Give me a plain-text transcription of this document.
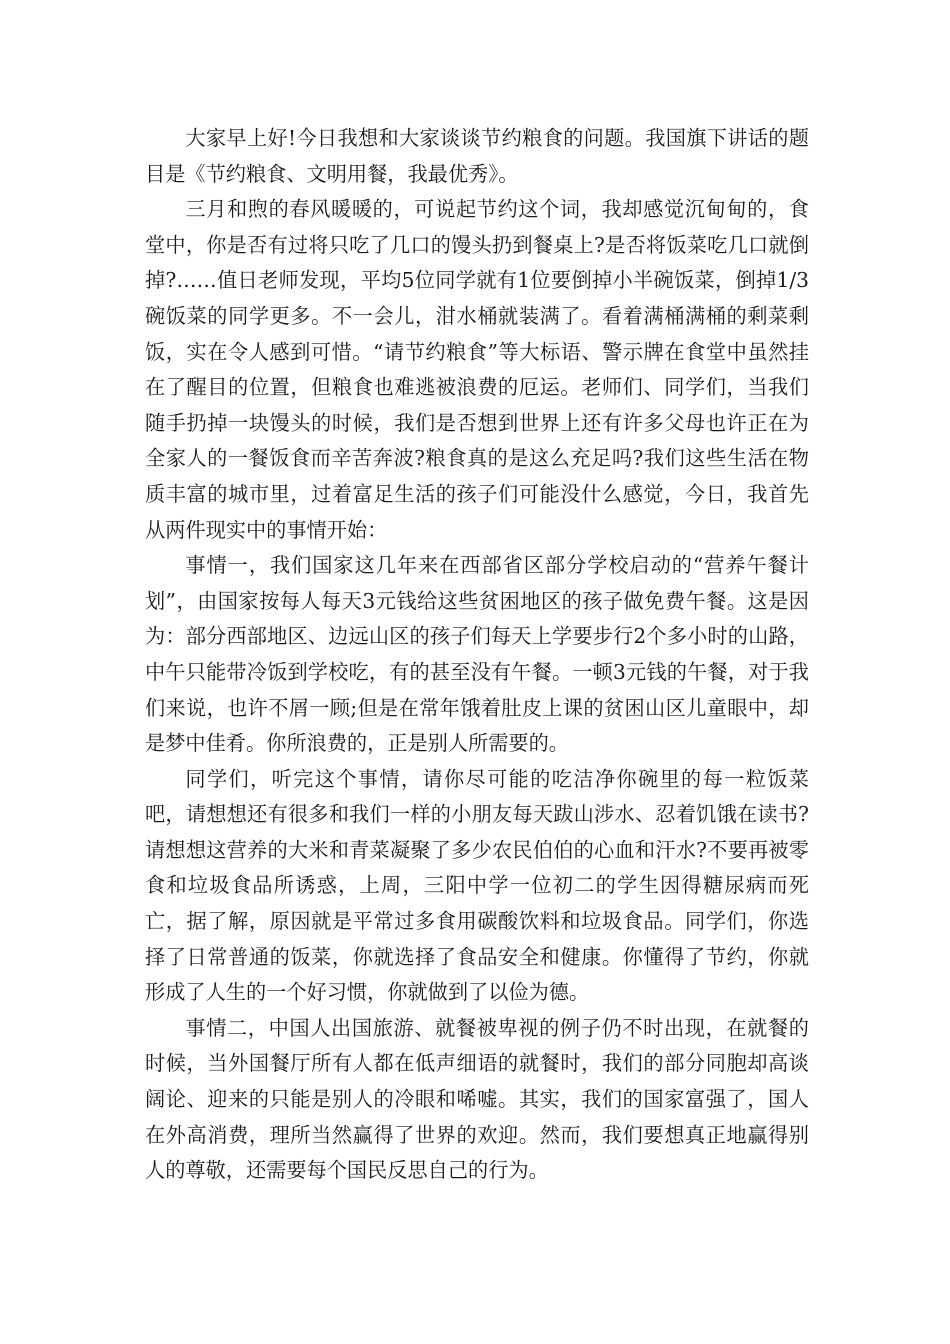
大家早上好!今日我想和大家谈谈节约粮食的问题。我国旗下讲话的题目是《节约粮食、文明用餐，我最优秀》。

三月和煦的春风暖暖的，可说起节约这个词，我却感觉沉甸甸的，食堂中，你是否有过将只吃了几口的馒头扔到餐桌上?是否将饭菜吃几口就倒掉?……值日老师发现，平均5位同学就有1位要倒掉小半碗饭菜，倒掉1/3碗饭菜的同学更多。不一会儿，泔水桶就装满了。看着满桶满桶的剩菜剩饭，实在令人感到可惜。“请节约粮食”等大标语、警示牌在食堂中虽然挂在了醒目的位置，但粮食也难逃被浪费的厄运。老师们、同学们，当我们随手扔掉一块馒头的时候，我们是否想到世界上还有许多父母也许正在为全家人的一餐饭食而辛苦奔波?粮食真的是这么充足吗?我们这些生活在物质丰富的城市里，过着富足生活的孩子们可能没什么感觉，今日，我首先从两件现实中的事情开始：

事情一，我们国家这几年来在西部省区部分学校启动的“营养午餐计划”，由国家按每人每天3元钱给这些贫困地区的孩子做免费午餐。这是因为：部分西部地区、边远山区的孩子们每天上学要步行2个多小时的山路，中午只能带冷饭到学校吃，有的甚至没有午餐。一顿3元钱的午餐，对于我们来说，也许不屑一顾;但是在常年饿着肚皮上课的贫困山区儿童眼中，却是梦中佳肴。你所浪费的，正是别人所需要的。

同学们，听完这个事情，请你尽可能的吃洁净你碗里的每一粒饭菜吧，请想想还有很多和我们一样的小朋友每天跋山涉水、忍着饥饿在读书?请想想这营养的大米和青菜凝聚了多少农民伯伯的心血和汗水?不要再被零食和垃圾食品所诱惑，上周，三阳中学一位初二的学生因得糖尿病而死亡，据了解，原因就是平常过多食用碳酸饮料和垃圾食品。同学们，你选择了日常普通的饭菜，你就选择了食品安全和健康。你懂得了节约，你就形成了人生的一个好习惯，你就做到了以俭为德。

事情二，中国人出国旅游、就餐被卑视的例子仍不时出现，在就餐的时候，当外国餐厅所有人都在低声细语的就餐时，我们的部分同胞却高谈阔论、迎来的只能是别人的冷眼和唏嘘。其实，我们的国家富强了，国人在外高消费，理所当然赢得了世界的欢迎。然而，我们要想真正地赢得别人的尊敬，还需要每个国民反思自己的行为。
